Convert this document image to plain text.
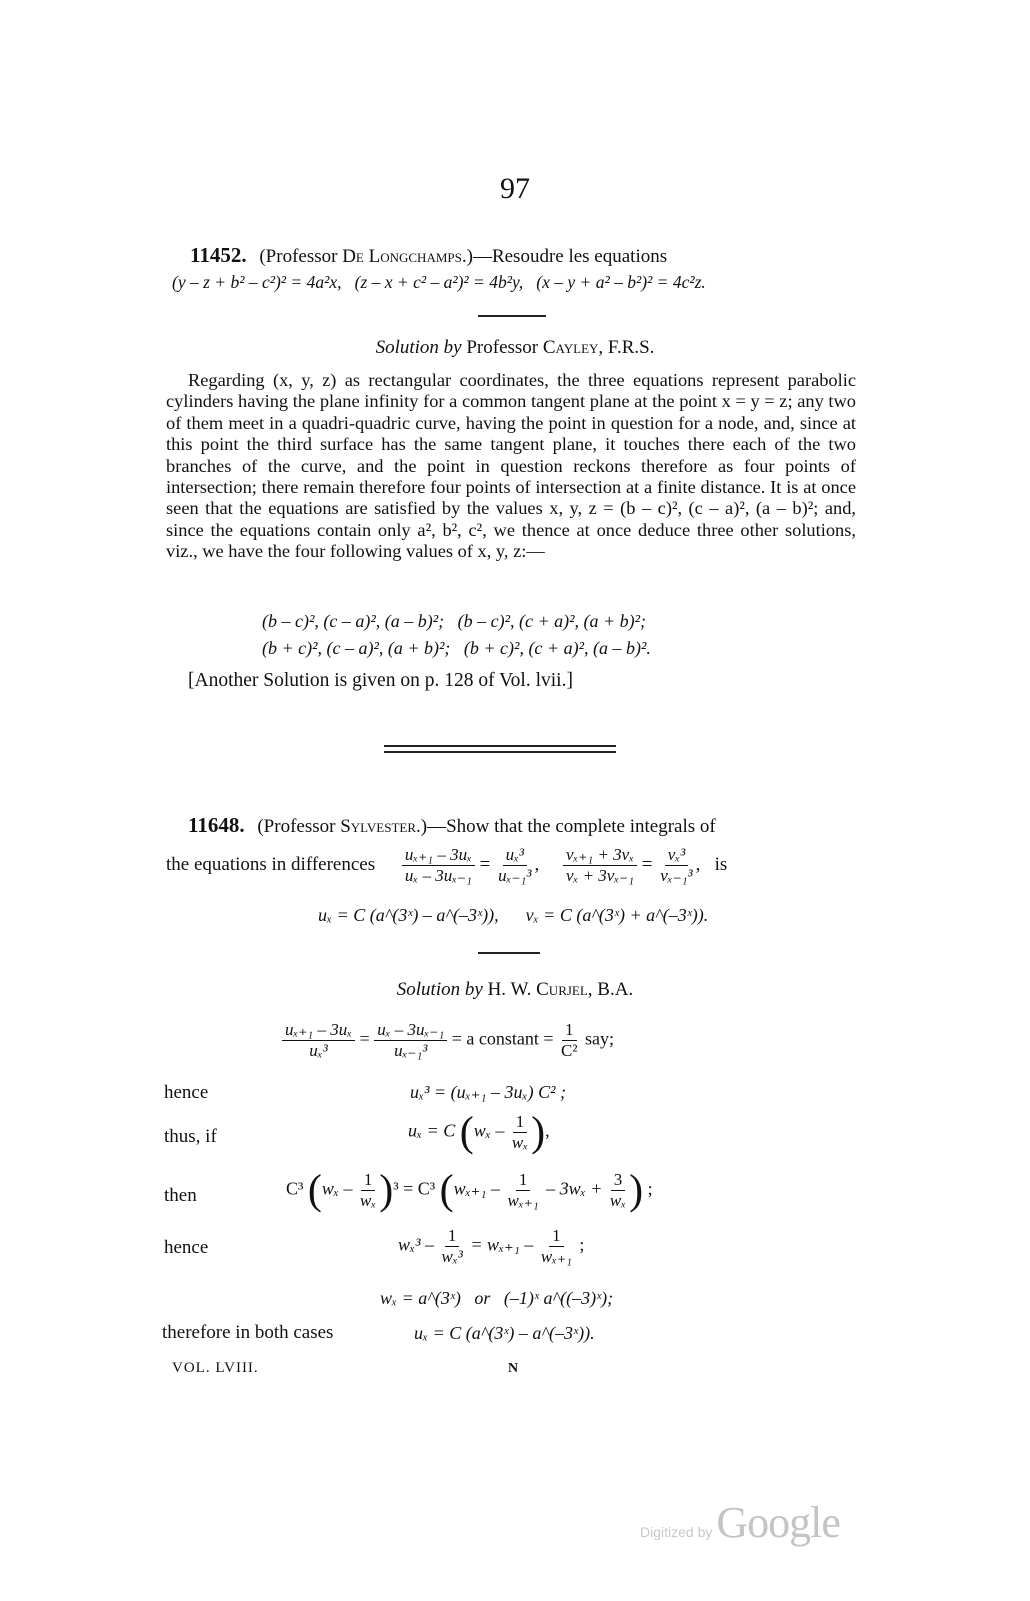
97
11452. (Professor De Longchamps.)—Resoudre les equations
(y – z + b² – c²)² = 4a²x,   (z – x + c² – a²)² = 4b²y,   (x – y + a² – b²)² = 4c²z.
Solution by Professor Cayley, F.R.S.
Regarding (x, y, z) as rectangular coordinates, the three equations represent parabolic cylinders having the plane infinity for a common tangent plane at the point x = y = z; any two of them meet in a quadri-quadric curve, having the point in question for a node, and, since at this point the third surface has the same tangent plane, it touches there each of the two branches of the curve, and the point in question reckons therefore as four points of intersection; there remain therefore four points of intersection at a finite distance. It is at once seen that the equations are satisfied by the values x, y, z = (b – c)², (c – a)², (a – b)²; and, since the equations contain only a², b², c², we thence at once deduce three other solutions, viz., we have the four following values of x, y, z:—
(b – c)², (c – a)², (a – b)²;   (b – c)², (c + a)², (a + b)²;
(b + c)², (c – a)², (a + b)²;   (b + c)², (c + a)², (a – b)².
[Another Solution is given on p. 128 of Vol. lvii.]
11648. (Professor Sylvester.)—Show that the complete integrals of
the equations in differences $\frac{\text{uₓ₊₁ – 3uₓ}}{\text{uₓ – 3uₓ₋₁}} = \frac{\text{uₓ³}}{\text{uₓ₋₁³}}$ , $\frac{\text{vₓ₊₁ + 3vₓ}}{\text{vₓ + 3vₓ₋₁}} = \frac{\text{vₓ³}}{\text{vₓ₋₁³}}$ ,   is
uₓ = C (a^(3ˣ) – a^(–3ˣ)),      vₓ = C (a^(3ˣ) + a^(–3ˣ)).
Solution by H. W. Curjel, B.A.
$\frac{\text{uₓ₊₁ – 3uₓ}}{\text{uₓ³}} = \frac{\text{uₓ – 3uₓ₋₁}}{\text{uₓ₋₁³}} = a$ constant = $\frac{1}{\text{C²}}$ say;
hence	uₓ³ = (uₓ₊₁ – 3uₓ) C² ;
thus, if	uₓ = C ($w_x - \frac{1}{\text{wₓ}}$ ),
then	C³ $(w_x - \frac{1}{\text{wₓ}} )^3 = C^3$ ($w_{x+1} - \frac{1}{\text{wₓ₊₁}} - 3w_x + \frac{3}{\text{wₓ}}$ ) ;
hence	$w_x^3 - \frac{1}{\text{wₓ³}} = w_{x+1} - \frac{1}{\text{wₓ₊₁}}$ ;
wₓ = a^(3ˣ)   or   (–1)ˣ a^((–3)ˣ);
therefore in both cases	uₓ = C (a^(3ˣ) – a^(–3ˣ)).
VOL. LVIII.	N
Digitized by Google
